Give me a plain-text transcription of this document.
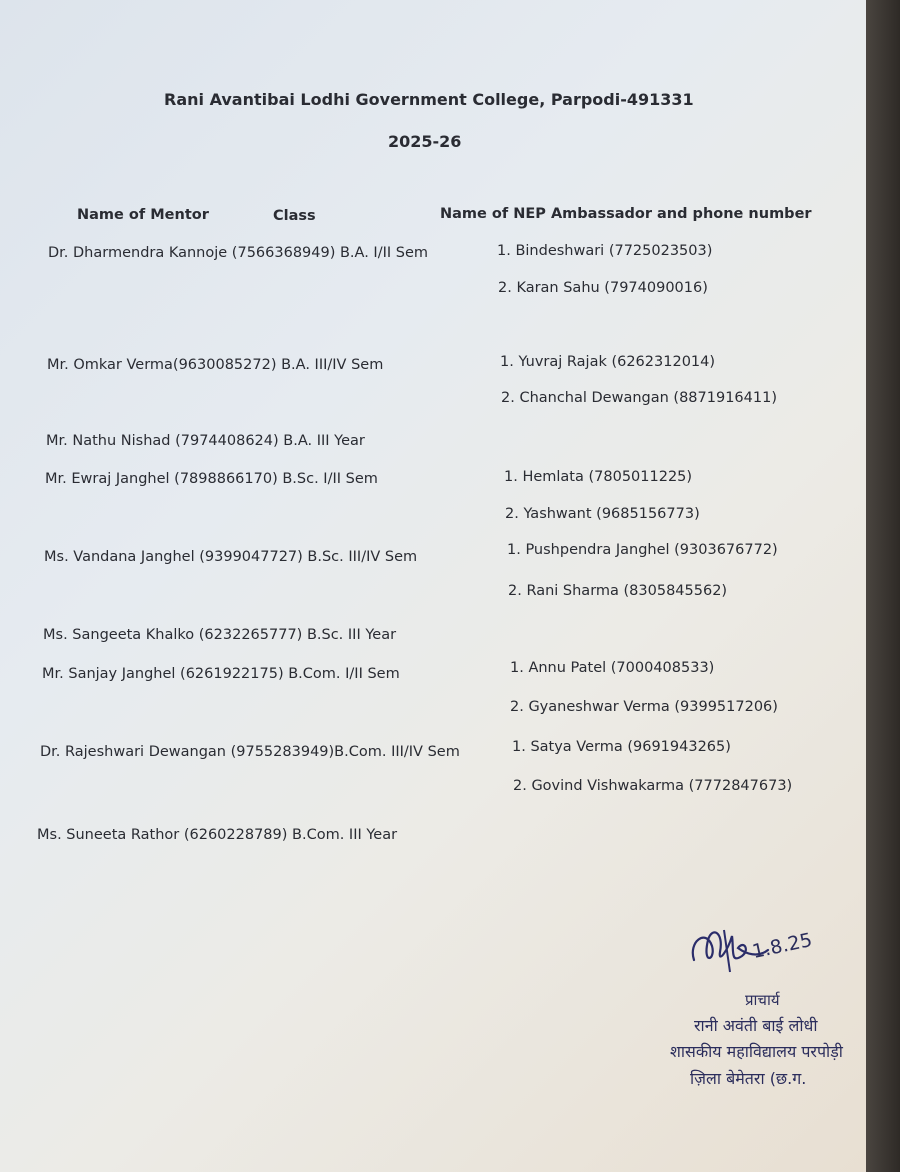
Rani Avantibai Lodhi Government College, Parpodi-491331
2025-26
Name of Mentor	Class	Name of NEP Ambassador and phone number
Dr. Dharmendra Kannoje (7566368949) B.A. I/II Sem	1. Bindeshwari (7725023503)
2. Karan Sahu (7974090016)
Mr. Omkar Verma(9630085272) B.A. III/IV Sem	1. Yuvraj Rajak (6262312014)
2. Chanchal Dewangan (8871916411)
Mr. Nathu Nishad (7974408624) B.A. III Year
Mr. Ewraj Janghel (7898866170) B.Sc. I/II Sem	1. Hemlata (7805011225)
2. Yashwant (9685156773)
Ms. Vandana Janghel (9399047727) B.Sc. III/IV Sem	1. Pushpendra Janghel (9303676772)
2. Rani Sharma (8305845562)
Ms. Sangeeta Khalko (6232265777) B.Sc. III Year
Mr. Sanjay Janghel (6261922175) B.Com. I/II Sem	1. Annu Patel (7000408533)
2. Gyaneshwar Verma (9399517206)
Dr. Rajeshwari Dewangan (9755283949)B.Com. III/IV Sem	1. Satya Verma (9691943265)
2. Govind Vishwakarma (7772847673)
Ms. Suneeta Rathor (6260228789) B.Com. III Year
1.8.25
प्राचार्य
रानी अवंती बाई लोधी
शासकीय महाविद्यालय परपोड़ी
ज़िला बेमेतरा (छ.ग.
